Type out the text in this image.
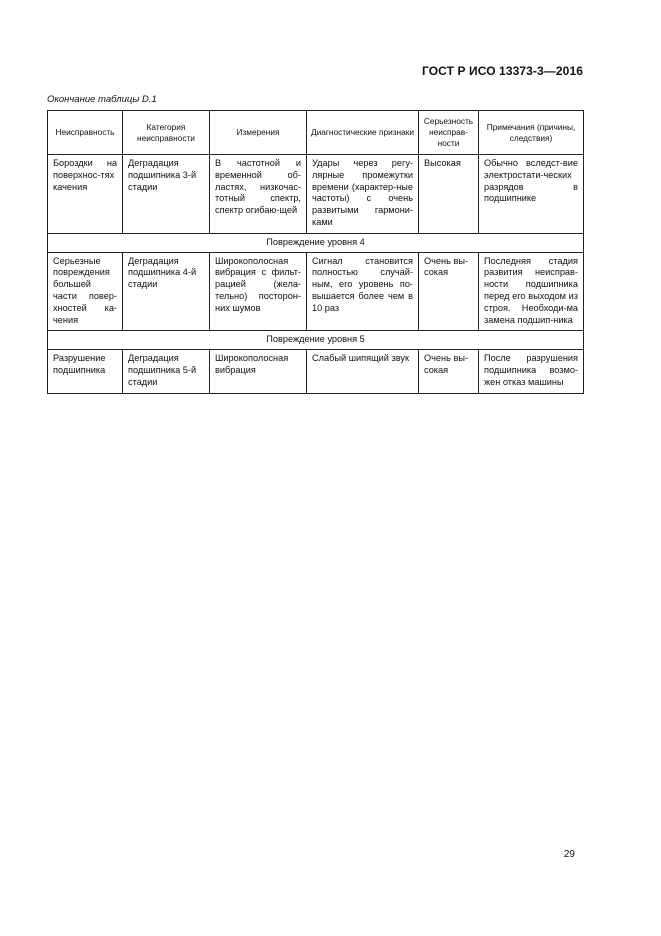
ГОСТ Р ИСО 13373-3—2016
Окончание таблицы D.1
Неисправность	Категория неисправности	Измерения	Диагностические признаки	Серьезность неисправ-ности	Примечания (причины, следствия)
Бороздки на поверхнос-тях качения	Деградация подшипника 3-й стадии	В частотной и временной об-ластях, низкочас-тотный спектр, спектр огибаю-щей	Удары через регу-лярные промежутки времени (характер-ные частоты) с очень развитыми гармони-ками	Высокая	Обычно вследст-вие электростати-ческих разрядов в подшипнике
Повреждение уровня 4					
Серьезные повреждения большей части повер-хностей ка-чения	Деградация подшипника 4-й стадии	Широкополосная вибрация с фильт-рацией (жела-тельно) посторон-них шумов	Сигнал становится полностью случай-ным, его уровень по-вышается более чем в 10 раз	Очень вы-сокая	Последняя стадия развития неисправ-ности подшипника перед его выходом из строя. Необходи-ма замена подшип-ника
Повреждение уровня 5					
Разрушение подшипника	Деградация подшипника 5-й стадии	Широкополосная вибрация	Слабый шипящий звук	Очень вы-сокая	После разрушения подшипника возмо-жен отказ машины
29
